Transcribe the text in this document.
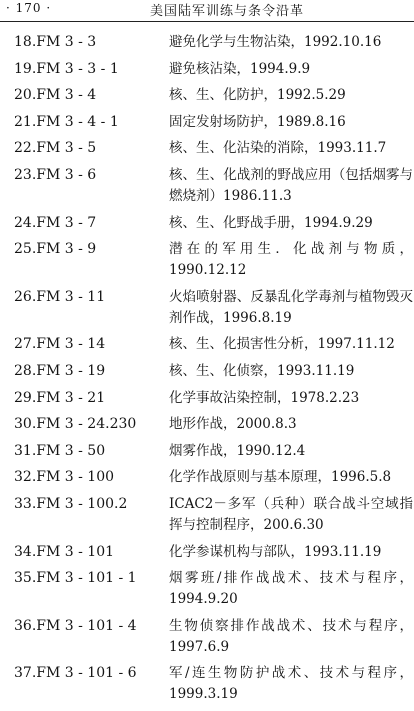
· 170 ·	美国陆军训练与条令沿革
18.FM 3 - 3	避免化学与生物沾染，1992.10.16
19.FM 3 - 3 - 1	避免核沾染，1994.9.9
20.FM 3 - 4	核、生、化防护，1992.5.29
21.FM 3 - 4 - 1	固定发射场防护，1989.8.16
22.FM 3 - 5	核、生、化沾染的消除，1993.11.7
23.FM 3 - 6	核、生、化战剂的野战应用（包括烟雾与燃烧剂）1986.11.3
24.FM 3 - 7	核、生、化野战手册，1994.9.29
25.FM 3 - 9	潜在的军用生．化战剂与物质，1990.12.12
26.FM 3 - 11	火焰喷射器、反暴乱化学毒剂与植物毁灭剂作战，1996.8.19
27.FM 3 - 14	核、生、化损害性分析，1997.11.12
28.FM 3 - 19	核、生、化侦察，1993.11.19
29.FM 3 - 21	化学事故沾染控制，1978.2.23
30.FM 3 - 24.230	地形作战，2000.8.3
31.FM 3 - 50	烟雾作战，1990.12.4
32.FM 3 - 100	化学作战原则与基本原理，1996.5.8
33.FM 3 - 100.2	ICAC2－多军（兵种）联合战斗空域指挥与控制程序，200.6.30
34.FM 3 - 101	化学参谋机构与部队，1993.11.19
35.FM 3 - 101 - 1	烟雾班/排作战战术、技术与程序，1994.9.20
36.FM 3 - 101 - 4	生物侦察排作战战术、技术与程序，1997.6.9
37.FM 3 - 101 - 6	军/连生物防护战术、技术与程序，1999.3.19
